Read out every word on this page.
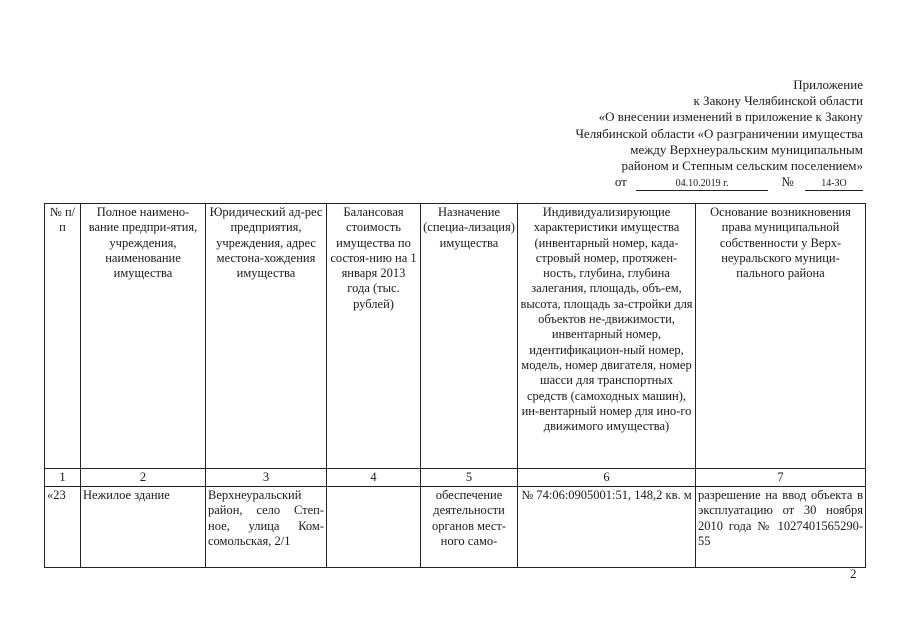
Приложение
к Закону Челябинской области
«О внесении изменений в приложение к Закону
Челябинской области «О разграничении имущества
между Верхнеуральским муниципальным
районом и Степным сельским поселением»
от	04.10.2019 г.	№	14-ЗО
№ п/п	Полное наимено-вание предпри-ятия, учреждения, наименование имущества	Юридический ад-рес предприятия, учреждения, адрес местона-хождения имущества	Балансовая стоимость имущества по состоя-нию на 1 января 2013 года (тыс. рублей)	Назначение (специа-лизация) имущества	Индивидуализирующие характеристики имущества (инвентарный номер, када-стровый номер, протяжен-ность, глубина, глубина залегания, площадь, объ-ем, высота, площадь за-стройки для объектов не-движимости, инвентарный номер, идентификацион-ный номер, модель, номер двигателя, номер шасси для транспортных средств (самоходных машин), ин-вентарный номер для ино-го движимого имущества)	Основание возникновения права муниципальной собственности у Верх-неуральского муници-пального района
1	2	3	4	5	6	7
«23	Нежилое здание	Верхнеуральский район, село Степ-ное, улица Ком-сомольская, 2/1		обеспечение деятельности органов мест-ного само-	№ 74:06:0905001:51, 148,2 кв. м	разрешение на ввод объекта в эксплуатацию от 30 ноября 2010 года № 1027401565290-55
2
